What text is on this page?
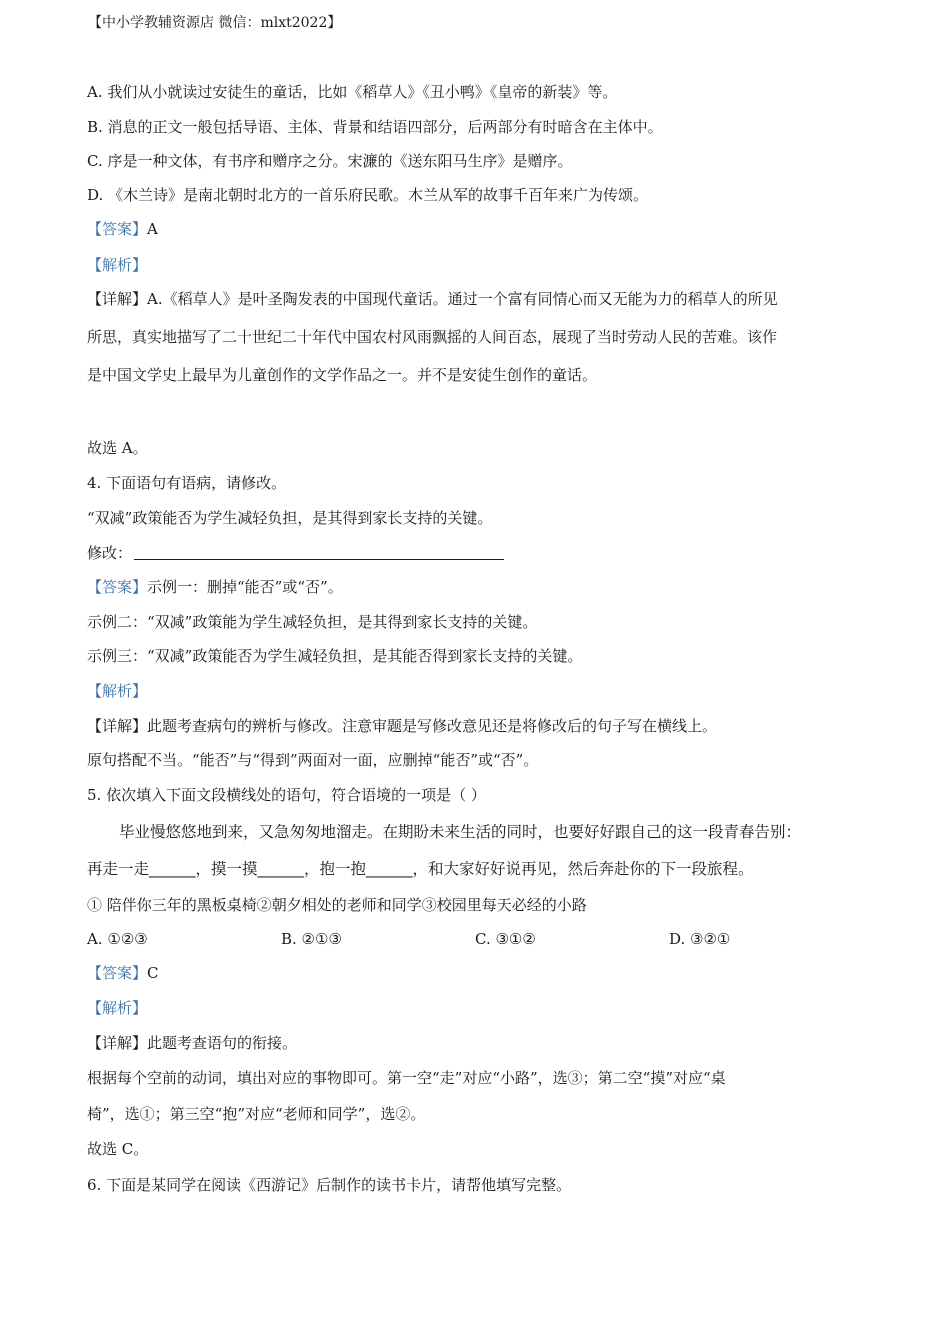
【中小学教辅资源店 微信：mlxt2022】
A. 我们从小就读过安徒生的童话，比如《稻草人》《丑小鸭》《皇帝的新装》等。
B. 消息的正文一般包括导语、主体、背景和结语四部分，后两部分有时暗含在主体中。
C. 序是一种文体，有书序和赠序之分。宋濂的《送东阳马生序》是赠序。
D. 《木兰诗》是南北朝时北方的一首乐府民歌。木兰从军的故事千百年来广为传颂。
【答案】A
【解析】
【详解】A.《稻草人》是叶圣陶发表的中国现代童话。通过一个富有同情心而又无能为力的稻草人的所见
所思，真实地描写了二十世纪二十年代中国农村风雨飘摇的人间百态，展现了当时劳动人民的苦难。该作
是中国文学史上最早为儿童创作的文学作品之一。并不是安徒生创作的童话。
故选 A。
4. 下面语句有语病，请修改。
“双减”政策能否为学生减轻负担，是其得到家长支持的关键。
修改：
【答案】示例一：删掉“能否”或“否”。
示例二：“双减”政策能为学生减轻负担，是其得到家长支持的关键。
示例三：“双减”政策能否为学生减轻负担，是其能否得到家长支持的关键。
【解析】
【详解】此题考查病句的辨析与修改。注意审题是写修改意见还是将修改后的句子写在横线上。
原句搭配不当。“能否”与“得到”两面对一面，应删掉“能否”或“否”。
5. 依次填入下面文段横线处的语句，符合语境的一项是（ ）
毕业慢悠悠地到来，又急匆匆地溜走。在期盼未来生活的同时，也要好好跟自己的这一段青春告别：
再走一走______，摸一摸______，抱一抱______，和大家好好说再见，然后奔赴你的下一段旅程。
① 陪伴你三年的黑板桌椅②朝夕相处的老师和同学③校园里每天必经的小路
A. ①②③	B. ②①③	C. ③①②	D. ③②①
【答案】C
【解析】
【详解】此题考查语句的衔接。
根据每个空前的动词，填出对应的事物即可。第一空“走”对应“小路”，选③；第二空“摸”对应“桌
椅”，选①；第三空“抱”对应“老师和同学”，选②。
故选 C。
6. 下面是某同学在阅读《西游记》后制作的读书卡片，请帮他填写完整。
